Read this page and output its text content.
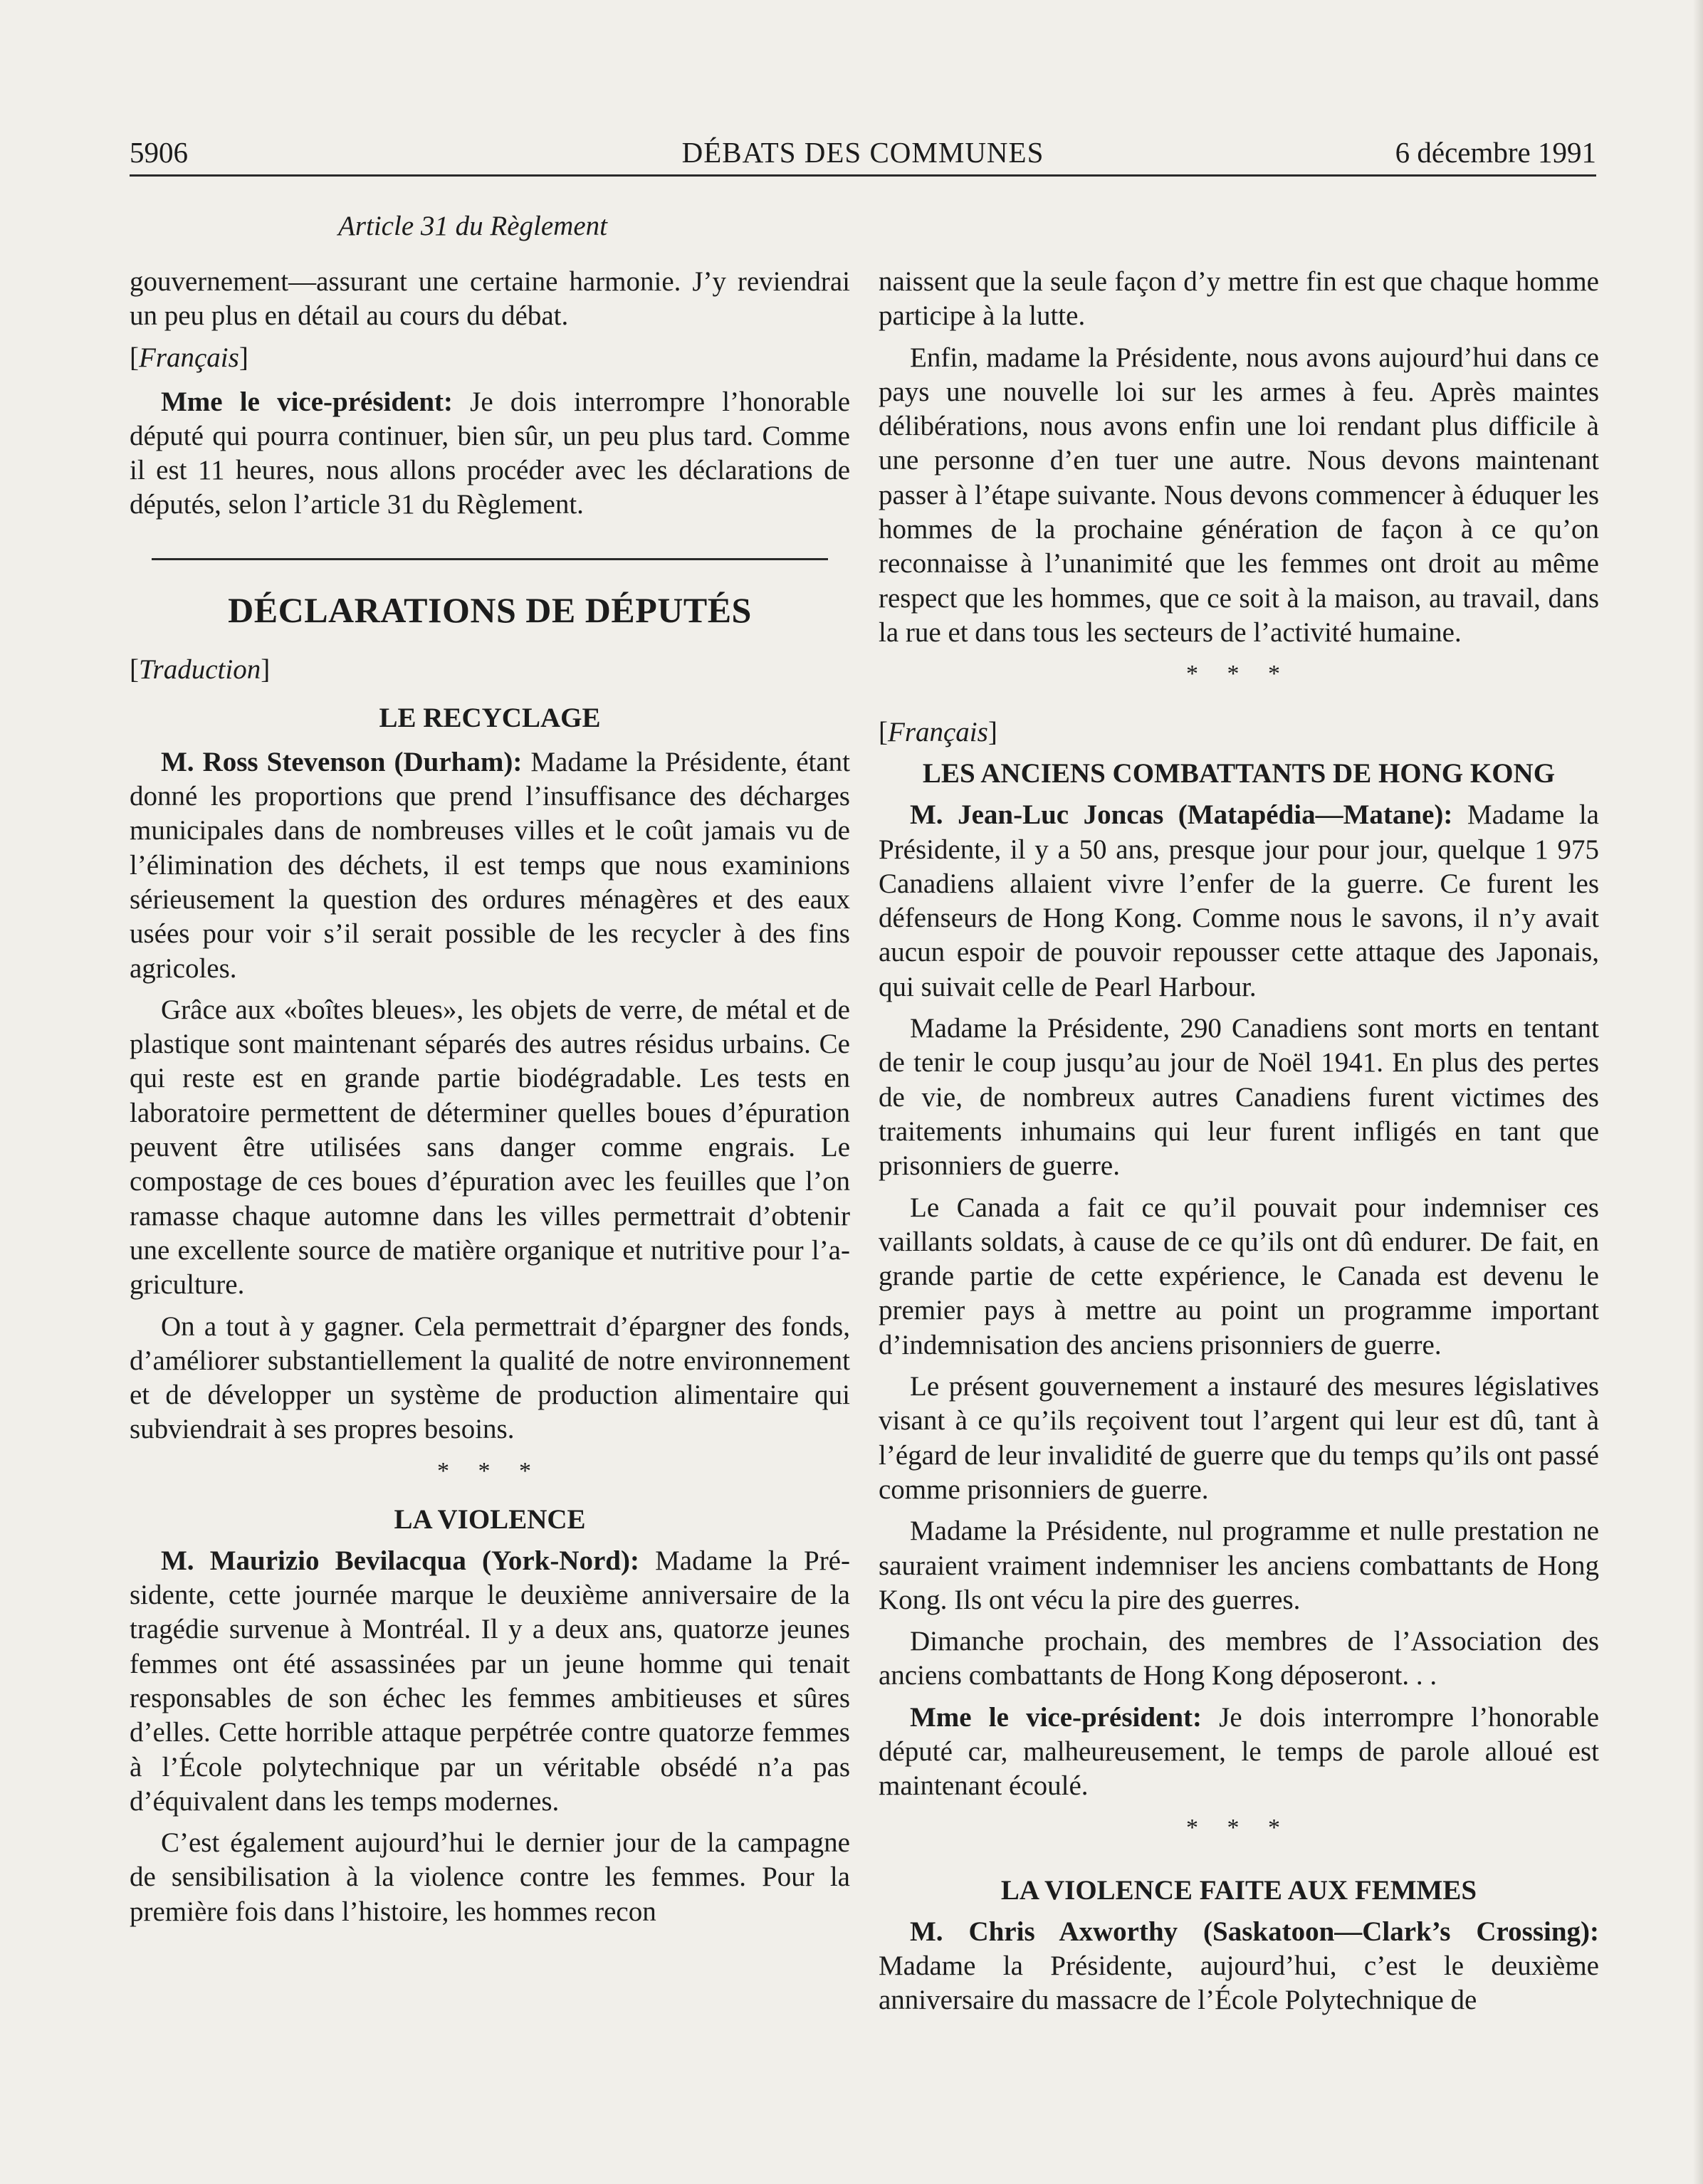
5906	DÉBATS DES COMMUNES	6 décembre 1991
Article 31 du Règlement

gouvernement—assurant une certaine harmonie. J’y reviendrai un peu plus en détail au cours du débat.

[Français]

Mme le vice-président: Je dois interrompre l’honorable député qui pourra continuer, bien sûr, un peu plus tard. Comme il est 11 heures, nous allons procéder avec les déclarations de députés, selon l’article 31 du Règlement.

DÉCLARATIONS DE DÉPUTÉS
[Traduction]
LE RECYCLAGE

M. Ross Stevenson (Durham): Madame la Présidente, étant donné les proportions que prend l’insuffisance des décharges municipales dans de nombreuses villes et le coût jamais vu de l’élimination des déchets, il est temps que nous examinions sérieusement la question des ordures ménagères et des eaux usées pour voir s’il serait possible de les recycler à des fins agricoles.

Grâce aux «boîtes bleues», les objets de verre, de métal et de plastique sont maintenant séparés des autres résidus urbains. Ce qui reste est en grande partie biodégradable. Les tests en laboratoire permettent de déterminer quelles boues d’épuration peuvent être utilisées sans danger comme engrais. Le compostage de ces boues d’épuration avec les feuilles que l’on ramasse chaque automne dans les villes permettrait d’obtenir une excellente source de matière organique et nutritive pour l’agriculture.

On a tout à y gagner. Cela permettrait d’épargner des fonds, d’améliorer substantiellement la qualité de notre environnement et de développer un système de production alimentaire qui subviendrait à ses propres besoins.

* * *
LA VIOLENCE

M. Maurizio Bevilacqua (York-Nord): Madame la Présidente, cette journée marque le deuxième anniversaire de la tragédie survenue à Montréal. Il y a deux ans, quatorze jeunes femmes ont été assassinées par un jeune homme qui tenait responsables de son échec les femmes ambitieuses et sûres d’elles. Cette horrible attaque perpétrée contre quatorze femmes à l’École polytechnique par un véritable obsédé n’a pas d’équivalent dans les temps modernes.

C’est également aujourd’hui le dernier jour de la campagne de sensibilisation à la violence contre les femmes. Pour la première fois dans l’histoire, les hommes recon

naissent que la seule façon d’y mettre fin est que chaque homme participe à la lutte.

Enfin, madame la Présidente, nous avons aujourd’hui dans ce pays une nouvelle loi sur les armes à feu. Après maintes délibérations, nous avons enfin une loi rendant plus difficile à une personne d’en tuer une autre. Nous devons maintenant passer à l’étape suivante. Nous devons commencer à éduquer les hommes de la prochaine génération de façon à ce qu’on reconnaisse à l’unanimité que les femmes ont droit au même respect que les hommes, que ce soit à la maison, au travail, dans la rue et dans tous les secteurs de l’activité humaine.

* * *
[Français]
LES ANCIENS COMBATTANTS DE HONG KONG

M. Jean-Luc Joncas (Matapédia—Matane): Madame la Présidente, il y a 50 ans, presque jour pour jour, quelque 1 975 Canadiens allaient vivre l’enfer de la guerre. Ce furent les défenseurs de Hong Kong. Comme nous le savons, il n’y avait aucun espoir de pouvoir repousser cette attaque des Japonais, qui suivait celle de Pearl Harbour.

Madame la Présidente, 290 Canadiens sont morts en tentant de tenir le coup jusqu’au jour de Noël 1941. En plus des pertes de vie, de nombreux autres Canadiens furent victimes des traitements inhumains qui leur furent infligés en tant que prisonniers de guerre.

Le Canada a fait ce qu’il pouvait pour indemniser ces vaillants soldats, à cause de ce qu’ils ont dû endurer. De fait, en grande partie de cette expérience, le Canada est devenu le premier pays à mettre au point un programme important d’indemnisation des anciens prisonniers de guerre.

Le présent gouvernement a instauré des mesures législatives visant à ce qu’ils reçoivent tout l’argent qui leur est dû, tant à l’égard de leur invalidité de guerre que du temps qu’ils ont passé comme prisonniers de guerre.

Madame la Présidente, nul programme et nulle prestation ne sauraient vraiment indemniser les anciens combattants de Hong Kong. Ils ont vécu la pire des guerres.

Dimanche prochain, des membres de l’Association des anciens combattants de Hong Kong déposeront. . .

Mme le vice-président: Je dois interrompre l’honorable député car, malheureusement, le temps de parole alloué est maintenant écoulé.

* * *
LA VIOLENCE FAITE AUX FEMMES

M. Chris Axworthy (Saskatoon—Clark’s Crossing): Madame la Présidente, aujourd’hui, c’est le deuxième anniversaire du massacre de l’École Polytechnique de
